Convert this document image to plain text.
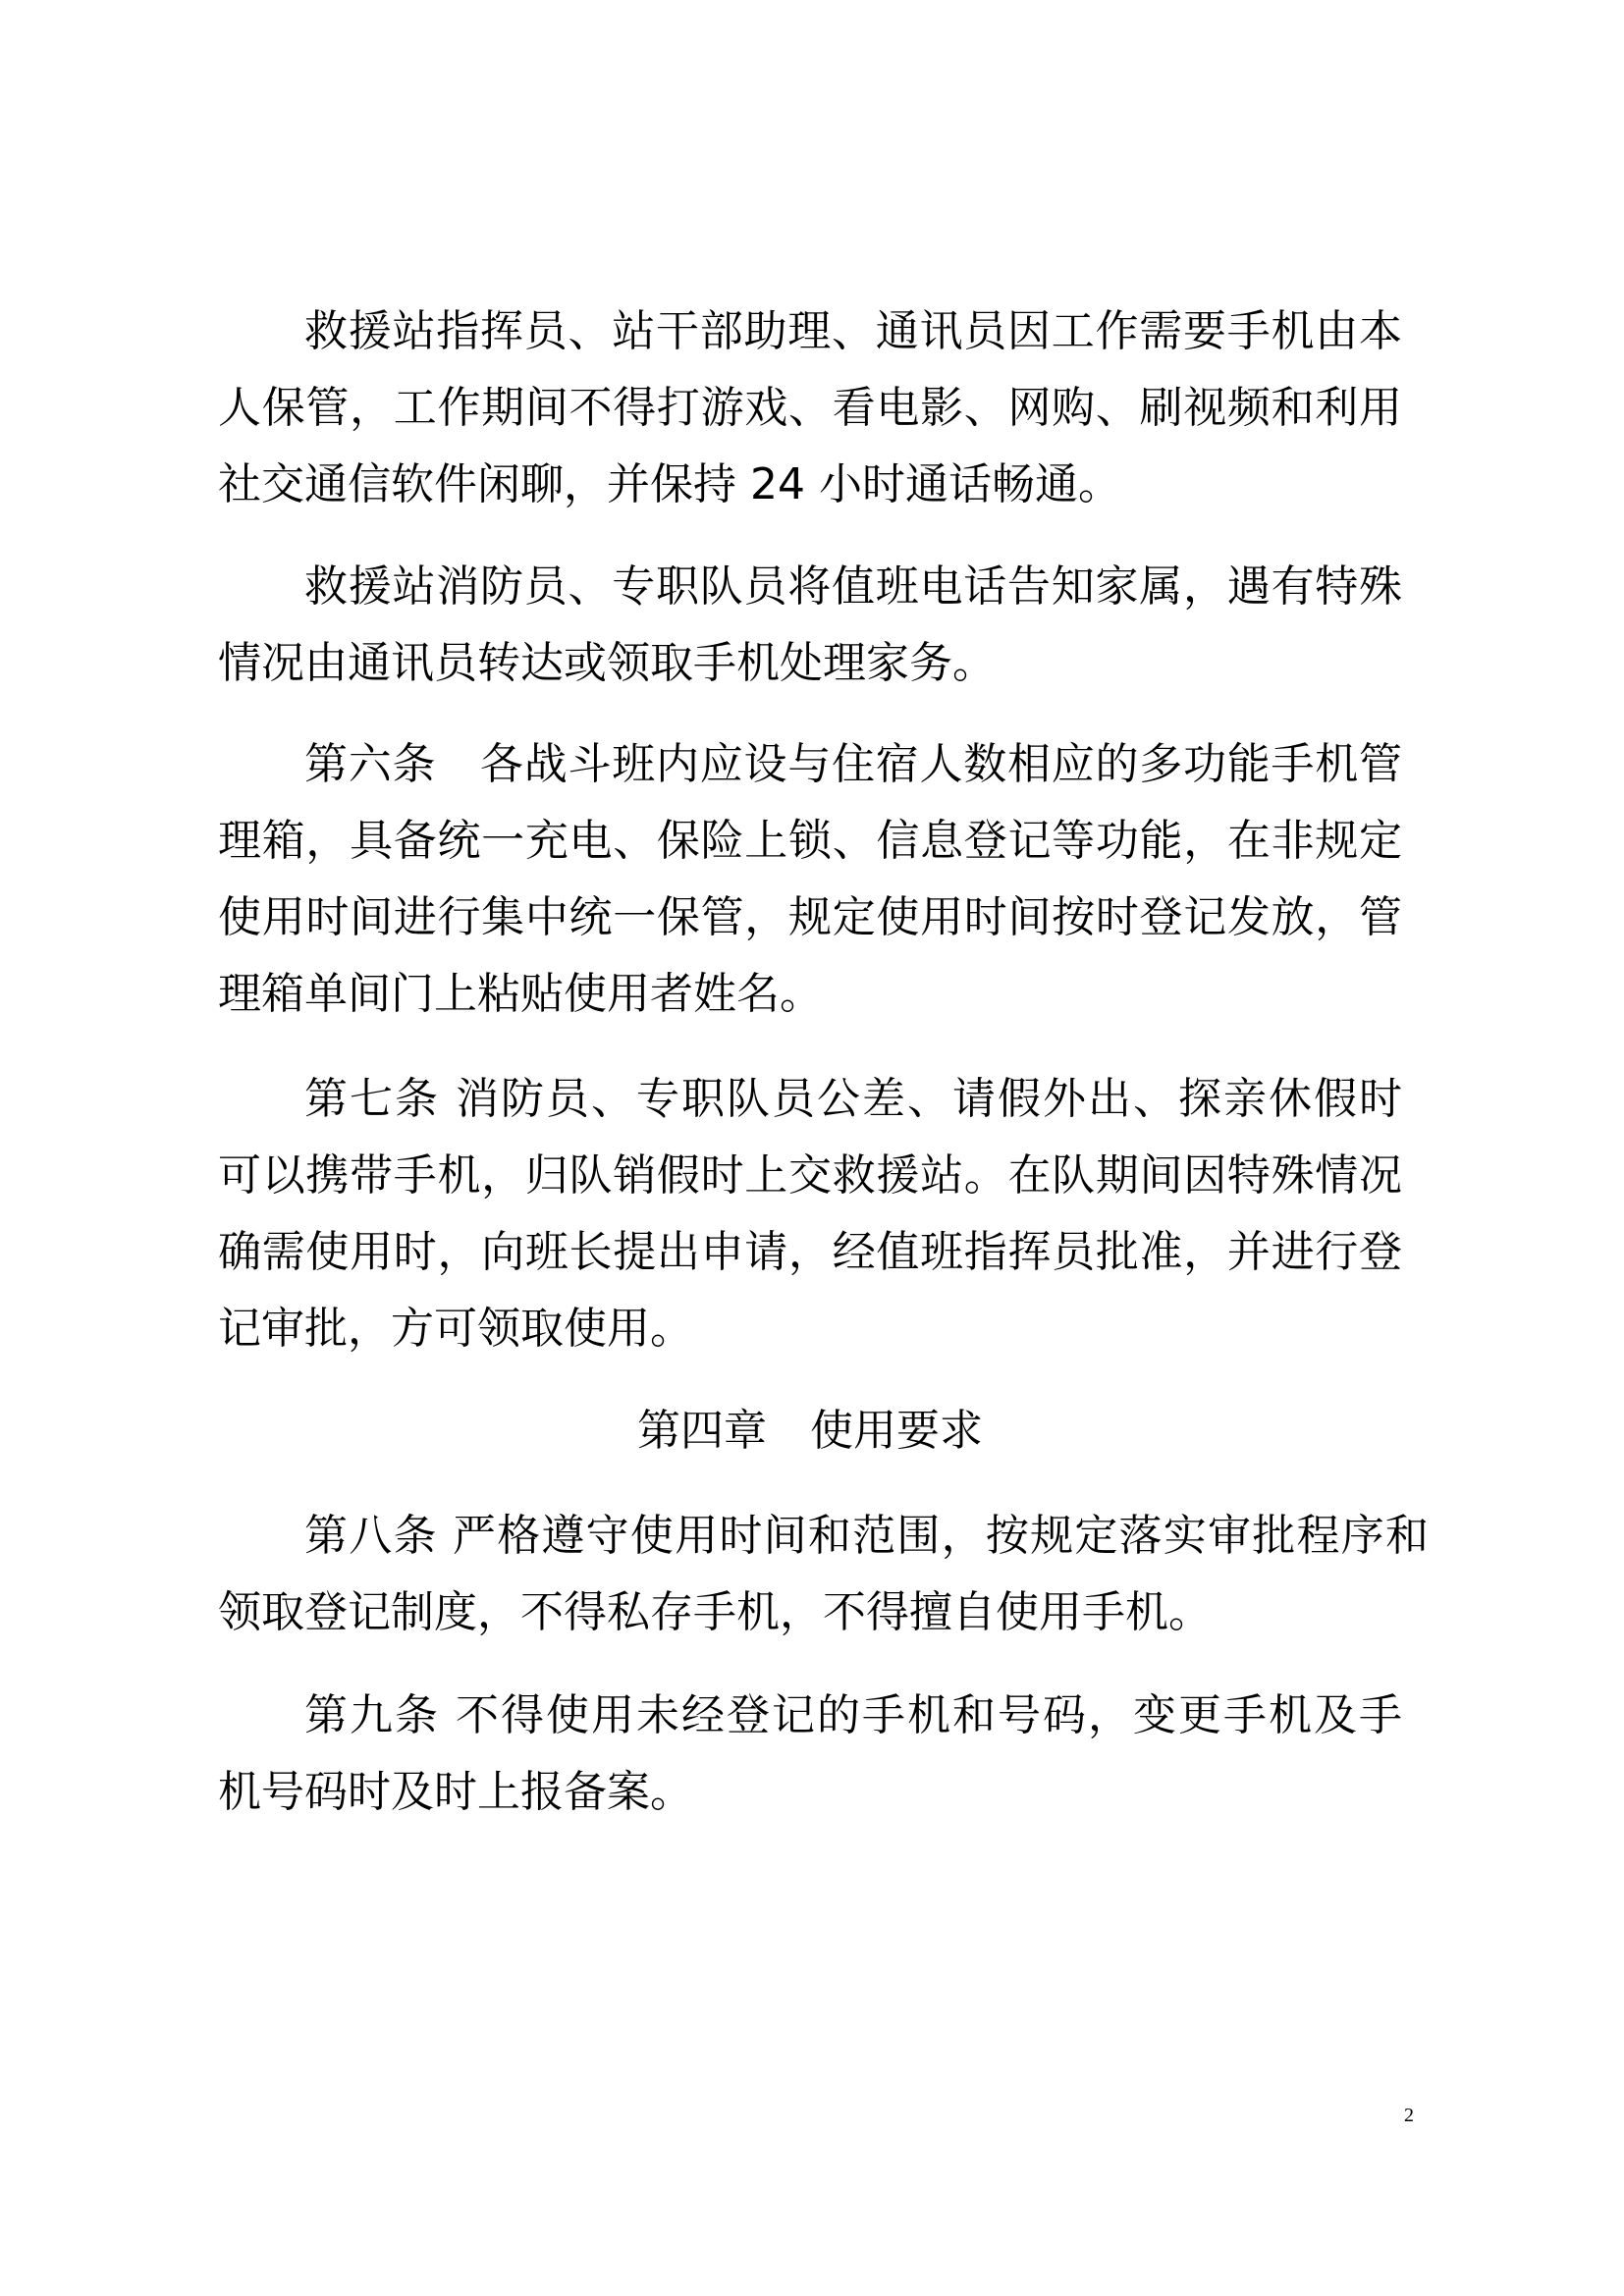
救援站指挥员、站干部助理、通讯员因工作需要手机由本
人保管，工作期间不得打游戏、看电影、网购、刷视频和利用
社交通信软件闲聊，并保持 24 小时通话畅通。
救援站消防员、专职队员将值班电话告知家属，遇有特殊
情况由通讯员转达或领取手机处理家务。
第六条　各战斗班内应设与住宿人数相应的多功能手机管
理箱，具备统一充电、保险上锁、信息登记等功能，在非规定
使用时间进行集中统一保管，规定使用时间按时登记发放，管
理箱单间门上粘贴使用者姓名。
第七条 消防员、专职队员公差、请假外出、探亲休假时
可以携带手机，归队销假时上交救援站。在队期间因特殊情况
确需使用时，向班长提出申请，经值班指挥员批准，并进行登
记审批，方可领取使用。
第四章　使用要求
第八条 严格遵守使用时间和范围，按规定落实审批程序和
领取登记制度，不得私存手机，不得擅自使用手机。
第九条 不得使用未经登记的手机和号码，变更手机及手
机号码时及时上报备案。
2
